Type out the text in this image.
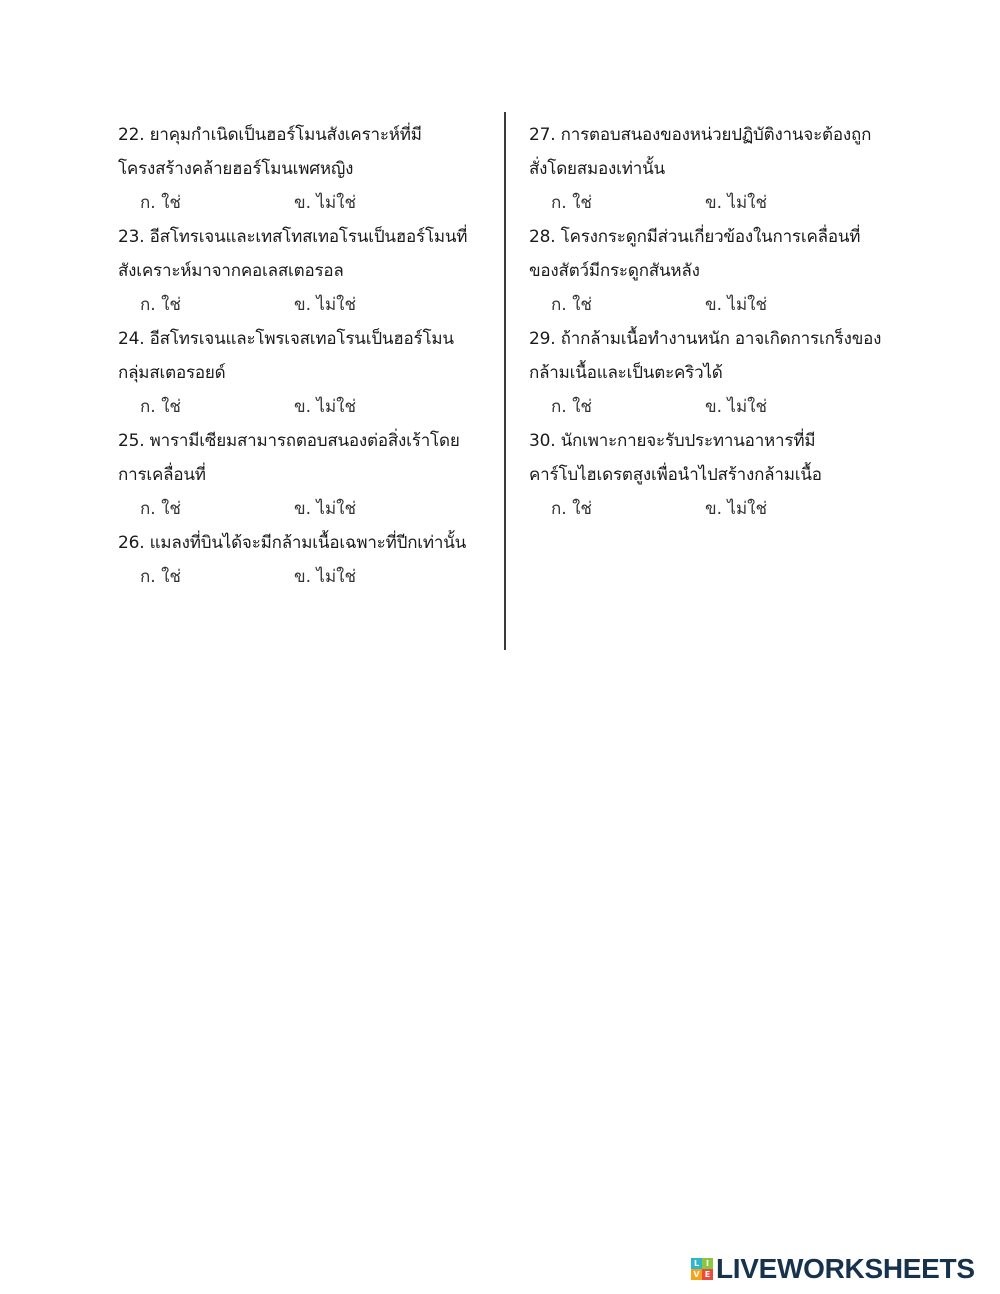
22. ยาคุมกำเนิดเป็นฮอร์โมนสังเคราะห์ที่มี
โครงสร้างคล้ายฮอร์โมนเพศหญิง
ก. ใช่	ข. ไม่ใช่
23. อีสโทรเจนและเทสโทสเทอโรนเป็นฮอร์โมนที่
สังเคราะห์มาจากคอเลสเตอรอล
ก. ใช่	ข. ไม่ใช่
24. อีสโทรเจนและโพรเจสเทอโรนเป็นฮอร์โมน
กลุ่มสเตอรอยด์
ก. ใช่	ข. ไม่ใช่
25. พารามีเซียมสามารถตอบสนองต่อสิ่งเร้าโดย
การเคลื่อนที่
ก. ใช่	ข. ไม่ใช่
26. แมลงที่บินได้จะมีกล้ามเนื้อเฉพาะที่ปีกเท่านั้น
ก. ใช่	ข. ไม่ใช่
27. การตอบสนองของหน่วยปฏิบัติงานจะต้องถูก
สั่งโดยสมองเท่านั้น
ก. ใช่	ข. ไม่ใช่
28. โครงกระดูกมีส่วนเกี่ยวข้องในการเคลื่อนที่
ของสัตว์มีกระดูกสันหลัง
ก. ใช่	ข. ไม่ใช่
29. ถ้ากล้ามเนื้อทำงานหนัก อาจเกิดการเกร็งของ
กล้ามเนื้อและเป็นตะคริวได้
ก. ใช่	ข. ไม่ใช่
30. นักเพาะกายจะรับประทานอาหารที่มี
คาร์โบไฮเดรตสูงเพื่อนำไปสร้างกล้ามเนื้อ
ก. ใช่	ข. ไม่ใช่
L I
V E LIVEWORKSHEETS
